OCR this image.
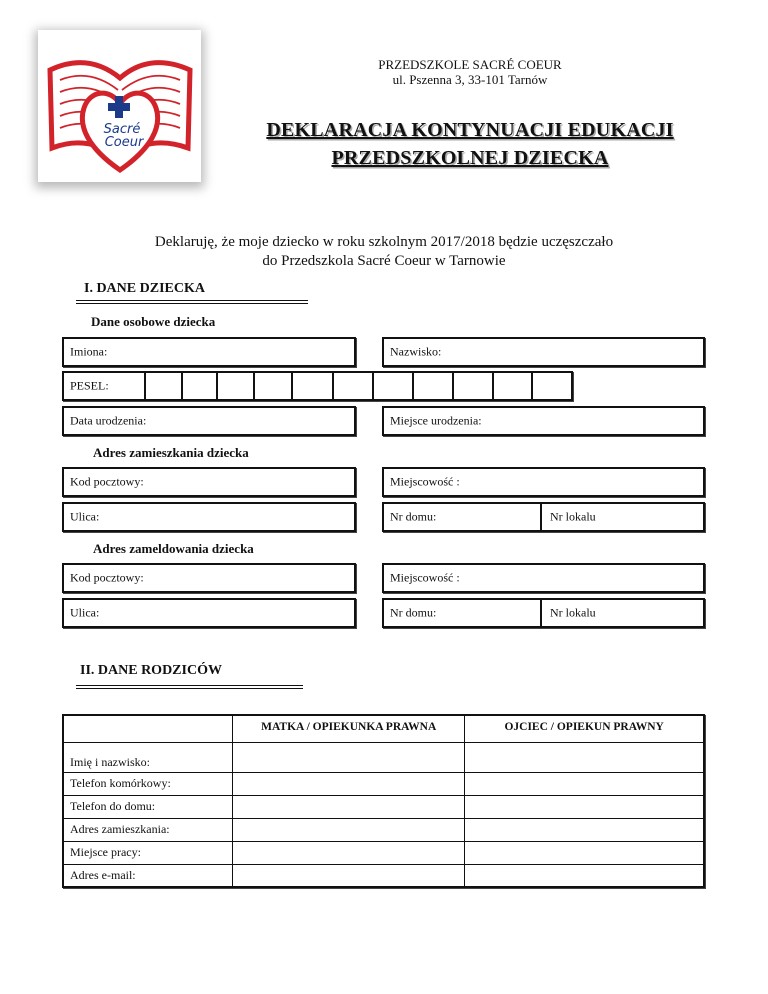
Sacré
Coeur
PRZEDSZKOLE SACRÉ COEUR
ul. Pszenna 3, 33-101 Tarnów
DEKLARACJA KONTYNUACJI EDUKACJI
PRZEDSZKOLNEJ DZIECKA
Deklaruję, że moje dziecko w roku szkolnym 2017/2018 będzie uczęszczało
do Przedszkola Sacré Coeur w Tarnowie
I. DANE DZIECKA
Dane osobowe dziecka
Imiona:	Nazwisko:
PESEL:
Data urodzenia:	Miejsce urodzenia:
Adres zamieszkania dziecka
Kod pocztowy:	Miejscowość :
Ulica:	Nr domu:	Nr lokalu
Adres zameldowania dziecka
Kod pocztowy:	Miejscowość :
Ulica:	Nr domu:	Nr lokalu
II. DANE RODZICÓW
	MATKA / OPIEKUNKA PRAWNA	OJCIEC / OPIEKUN PRAWNY
Imię i nazwisko:		
Telefon komórkowy:		
Telefon do domu:		
Adres zamieszkania:		
Miejsce pracy:		
Adres e-mail:		
